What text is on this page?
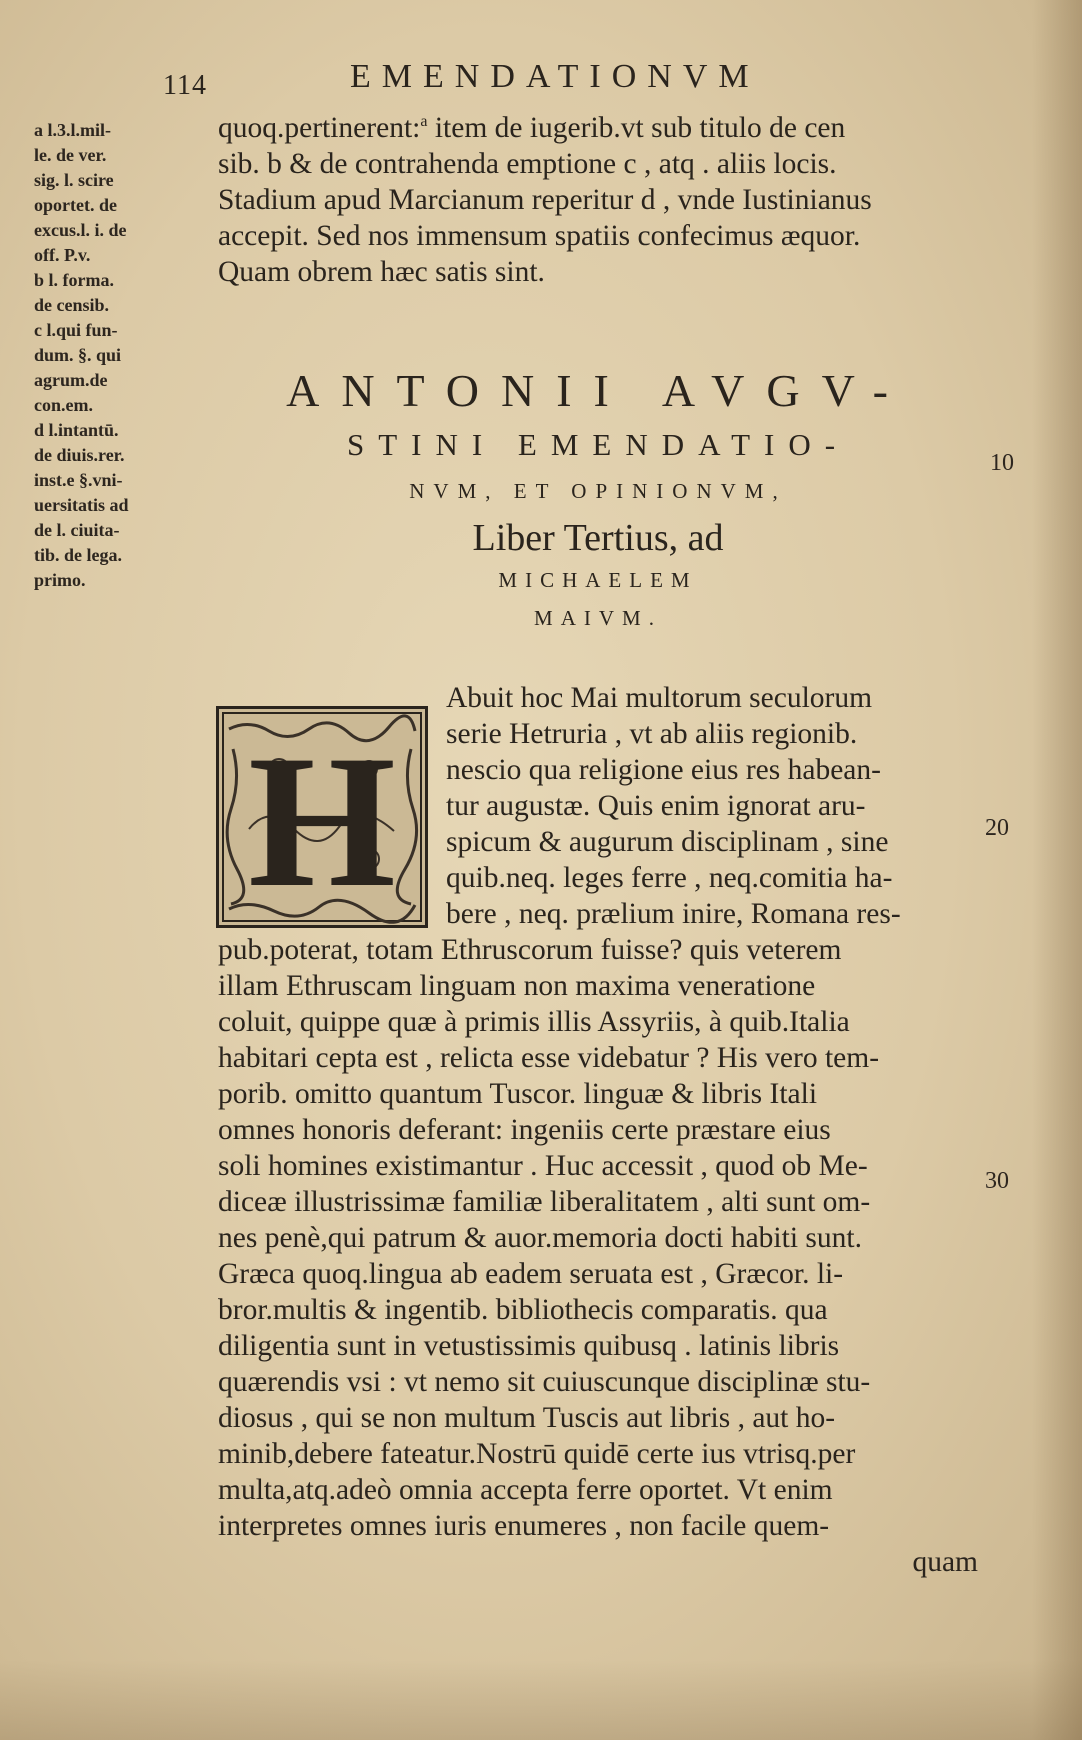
114	EMENDATIONVM
a l.3.l.mil-
le. de ver.
sig. l. scire
oportet. de
excus.l. i. de
off. P.v.
b l. forma.
de censib.
c l.qui fun-
dum. §. qui
agrum.de
con.em.
d l.intantū.
de diuis.rer.
inst.e §.vni-
uersitatis ad
de l. ciuita-
tib. de lega.
primo.
quoq.pertinerent:$^a$ item de iugerib.vt sub titulo de cen
sib. b & de contrahenda emptione c , atq . aliis locis.
Stadium apud Marcianum reperitur d , vnde Iustinianus
accepit. Sed nos immensum spatiis confecimus æquor.
Quam obrem hæc satis sint.
ANTONII AVGV-
STINI EMENDATIO-
NVM, ET OPINIONVM,
Liber Tertius, ad
MICHAELEM
MAIVM.
10
20
30
H
Abuit hoc Mai multorum seculorum
serie Hetruria , vt ab aliis regionib.
nescio qua religione eius res habean-
tur augustæ. Quis enim ignorat aru-
spicum & augurum disciplinam , sine
quib.neq. leges ferre , neq.comitia ha-
bere , neq. prælium inire, Romana res-
pub.poterat, totam Ethruscorum fuisse? quis veterem
illam Ethruscam linguam non maxima veneratione
coluit, quippe quæ à primis illis Assyriis, à quib.Italia
habitari cepta est , relicta esse videbatur ? His vero tem-
porib. omitto quantum Tuscor. linguæ & libris Itali
omnes honoris deferant: ingeniis certe præstare eius
soli homines existimantur . Huc accessit , quod ob Me-
diceæ illustrissimæ familiæ liberalitatem , alti sunt om-
nes penè,qui patrum & auor.memoria docti habiti sunt.
Græca quoq.lingua ab eadem seruata est , Græcor. li-
bror.multis & ingentib. bibliothecis comparatis. qua
diligentia sunt in vetustissimis quibusq . latinis libris
quærendis vsi : vt nemo sit cuiuscunque disciplinæ stu-
diosus , qui se non multum Tuscis aut libris , aut ho-
minib,debere fateatur.Nostrū quidē certe ius vtrisq.per
multa,atq.adeò omnia accepta ferre oportet. Vt enim
interpretes omnes iuris enumeres , non facile quem-
quam
